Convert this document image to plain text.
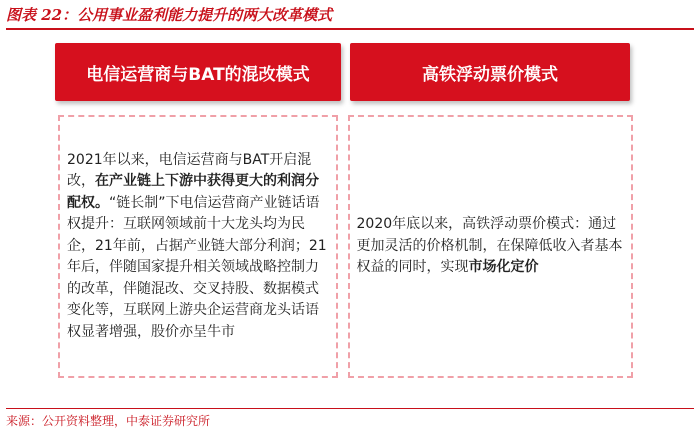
图表 22：公用事业盈利能力提升的两大改革模式
电信运营商与BAT的混改模式	高铁浮动票价模式
2021年以来，电信运营商与BAT开启混改，在产业链上下游中获得更大的利润分配权。“链长制”下电信运营商产业链话语权提升：互联网领域前十大龙头均为民企，21年前，占据产业链大部分利润；21年后，伴随国家提升相关领域战略控制力的改革，伴随混改、交叉持股、数据模式变化等，互联网上游央企运营商龙头话语权显著增强，股价亦呈牛市
2020年底以来，高铁浮动票价模式：通过更加灵活的价格机制，在保障低收入者基本权益的同时，实现市场化定价
来源：公开资料整理，中泰证券研究所
